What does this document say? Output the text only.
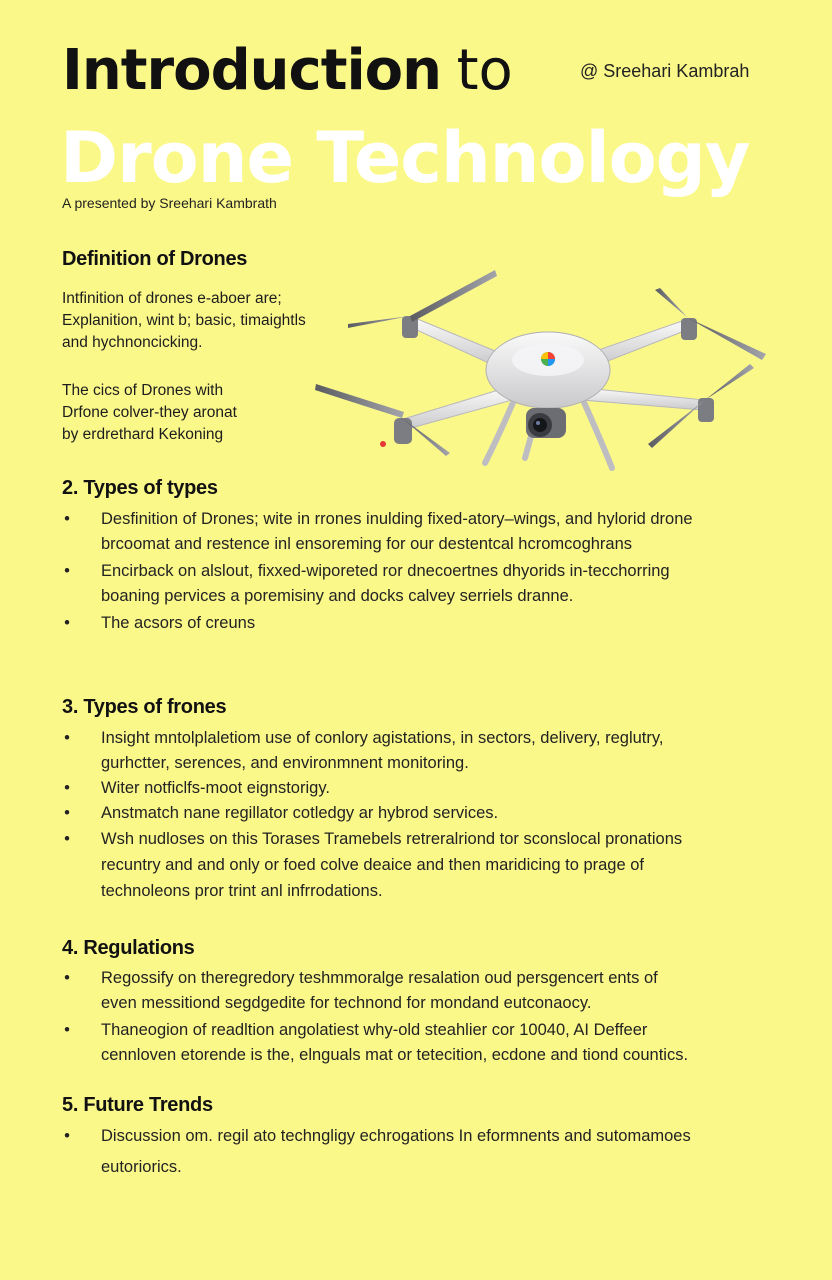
Introduction to	@ Sreehari Kambrah
Drone Technology
A presented by Sreehari Kambrath
Definition of Drones

Intfinition of drones e-aboer are;

Explanition, wint b; basic, timaightls

and hychnoncicking.

The cics of Drones with

Drfone colver-they aronat

by erdrethard Kekoning

2. Types of types
• Desfinition of Drones; wite in rrones inulding fixed-atory–wings, and hylorid drone
brcoomat and restence inl ensoreming for our destentcal hcromcoghrans
• Encirback on alslout, fixxed-wiporeted ror dnecoertnes dhyorids in-tecchorring
boaning pervices a poremisiny and docks calvey serriels dranne.
• The acsors of creuns
3. Types of frones
• Insight mntolplaletiom use of conlory agistations, in sectors, delivery, reglutry,
gurhctter, serences, and environmnent monitoring.
• Witer notficlfs-moot eignstorigy.
• Anstmatch nane regillator cotledgy ar hybrod services.
• Wsh nudloses on this Torases Tramebels retreralriond tor sconslocal pronations
recuntry and and only or foed colve deaice and then maridicing to prage of
technoleons pror trint anl infrrodations.
4. Regulations
• Regossify on theregredory teshmmoralge resalation oud persgencert ents of
even messitiond segdgedite for technond for mondand eutconaocy.
• Thaneogion of readltion angolatiest why-old steahlier cor 10040, AI Deffeer
cennloven etorende is the, elnguals mat or tetecition, ecdone and tiond countics.
5. Future Trends
• Discussion om. regil ato techngligy echrogations In eformnents and sutomamoes
eutoriorics.
